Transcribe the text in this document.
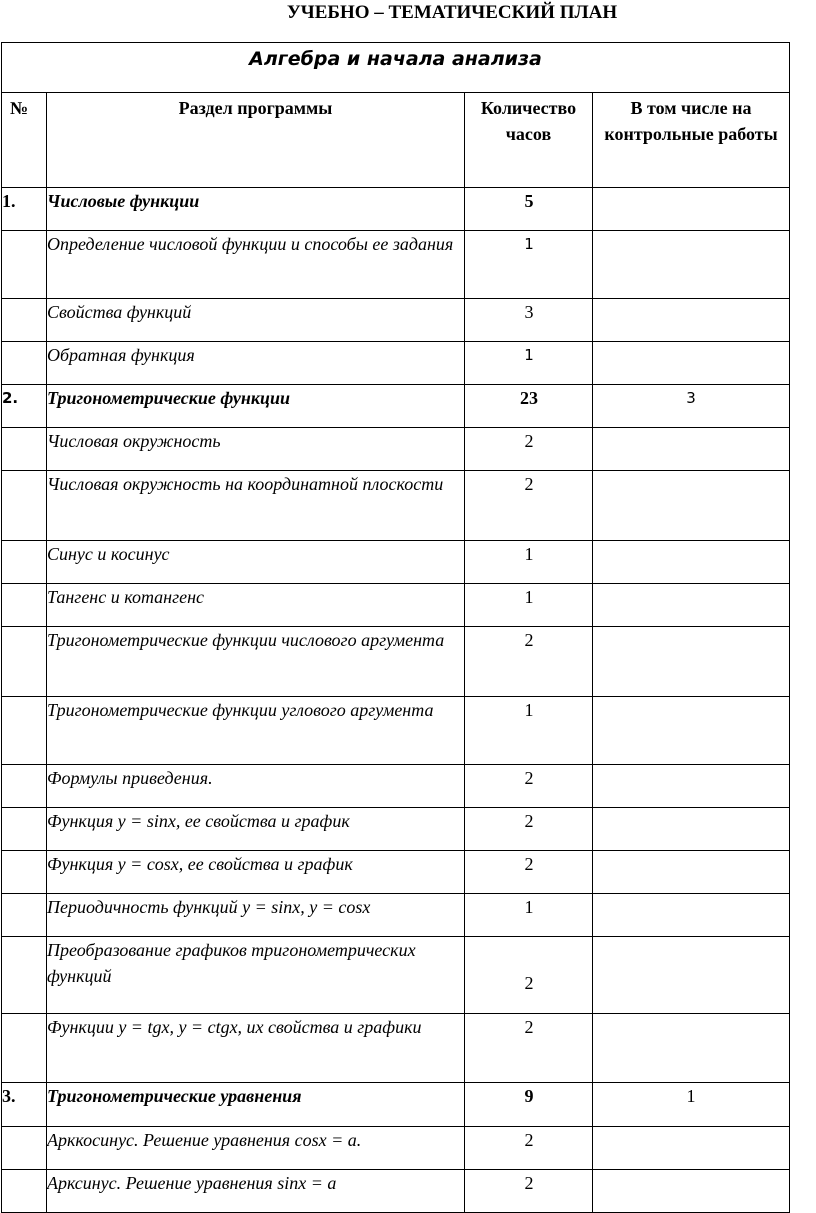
УЧЕБНО – ТЕМАТИЧЕСКИЙ ПЛАН
Алгебра и начала анализа			

№	Раздел программы	Количество часов	В том числе на контрольные работы

1.	Числовые функции	5	
	Определение числовой функции и способы ее задания	1	
	Свойства функций	3	
	Обратная функция	1	
2.	Тригонометрические функции	23	3
	Числовая окружность	2	
	Числовая окружность на координатной плоскости	2	
	Синус и косинус	1	
	Тангенс и котангенс	1	
	Тригонометрические функции числового аргумента	2	
	Тригонометрические функции углового аргумента	1	
	Формулы приведения.	2	
	Функция y = sinx, ее свойства и график	2	
	Функция y = cosx, ее свойства и график	2	
	Периодичность функций y = sinx, y = cosx	1	
	Преобразование графиков тригонометрических функций	2	
	Функции y = tgx, y = ctgx, их свойства и графики	2	
3.	Тригонометрические уравнения	9	1
	Арккосинус. Решение уравнения cosx = a.	2	
	Арксинус. Решение уравнения sinx = a	2	
